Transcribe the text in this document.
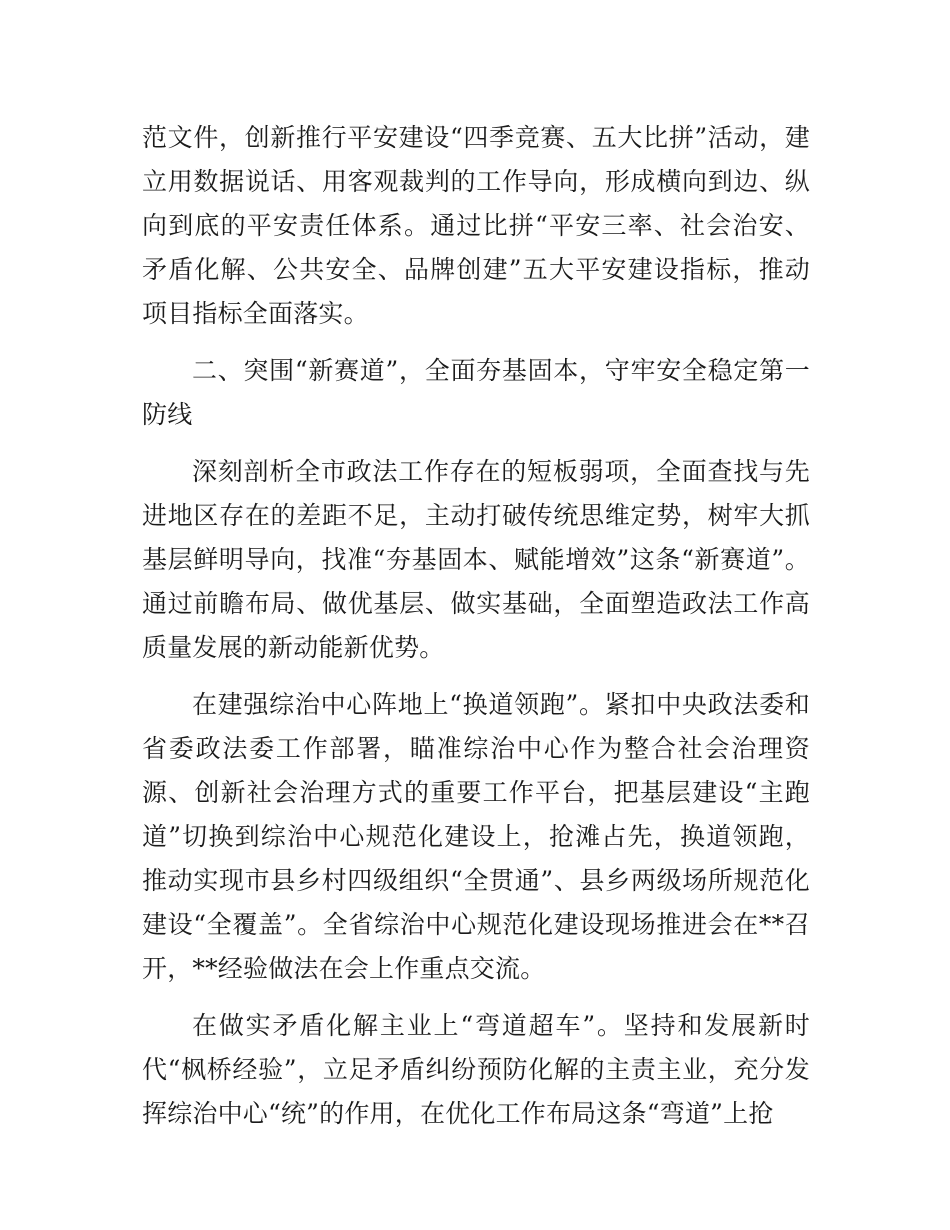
范文件，创新推行平安建设“四季竞赛、五大比拼”活动，建立用数据说话、用客观裁判的工作导向，形成横向到边、纵向到底的平安责任体系。通过比拼“平安三率、社会治安、矛盾化解、公共安全、品牌创建”五大平安建设指标，推动项目指标全面落实。

二、突围“新赛道”，全面夯基固本，守牢安全稳定第一防线

深刻剖析全市政法工作存在的短板弱项，全面查找与先进地区存在的差距不足，主动打破传统思维定势，树牢大抓基层鲜明导向，找准“夯基固本、赋能增效”这条“新赛道”。通过前瞻布局、做优基层、做实基础，全面塑造政法工作高质量发展的新动能新优势。

在建强综治中心阵地上“换道领跑”。紧扣中央政法委和省委政法委工作部署，瞄准综治中心作为整合社会治理资源、创新社会治理方式的重要工作平台，把基层建设“主跑道”切换到综治中心规范化建设上，抢滩占先，换道领跑，推动实现市县乡村四级组织“全贯通”、县乡两级场所规范化建设“全覆盖”。全省综治中心规范化建设现场推进会在**召开，**经验做法在会上作重点交流。

在做实矛盾化解主业上“弯道超车”。坚持和发展新时代“枫桥经验”，立足矛盾纠纷预防化解的主责主业，充分发挥综治中心“统”的作用，在优化工作布局这条“弯道”上抢
